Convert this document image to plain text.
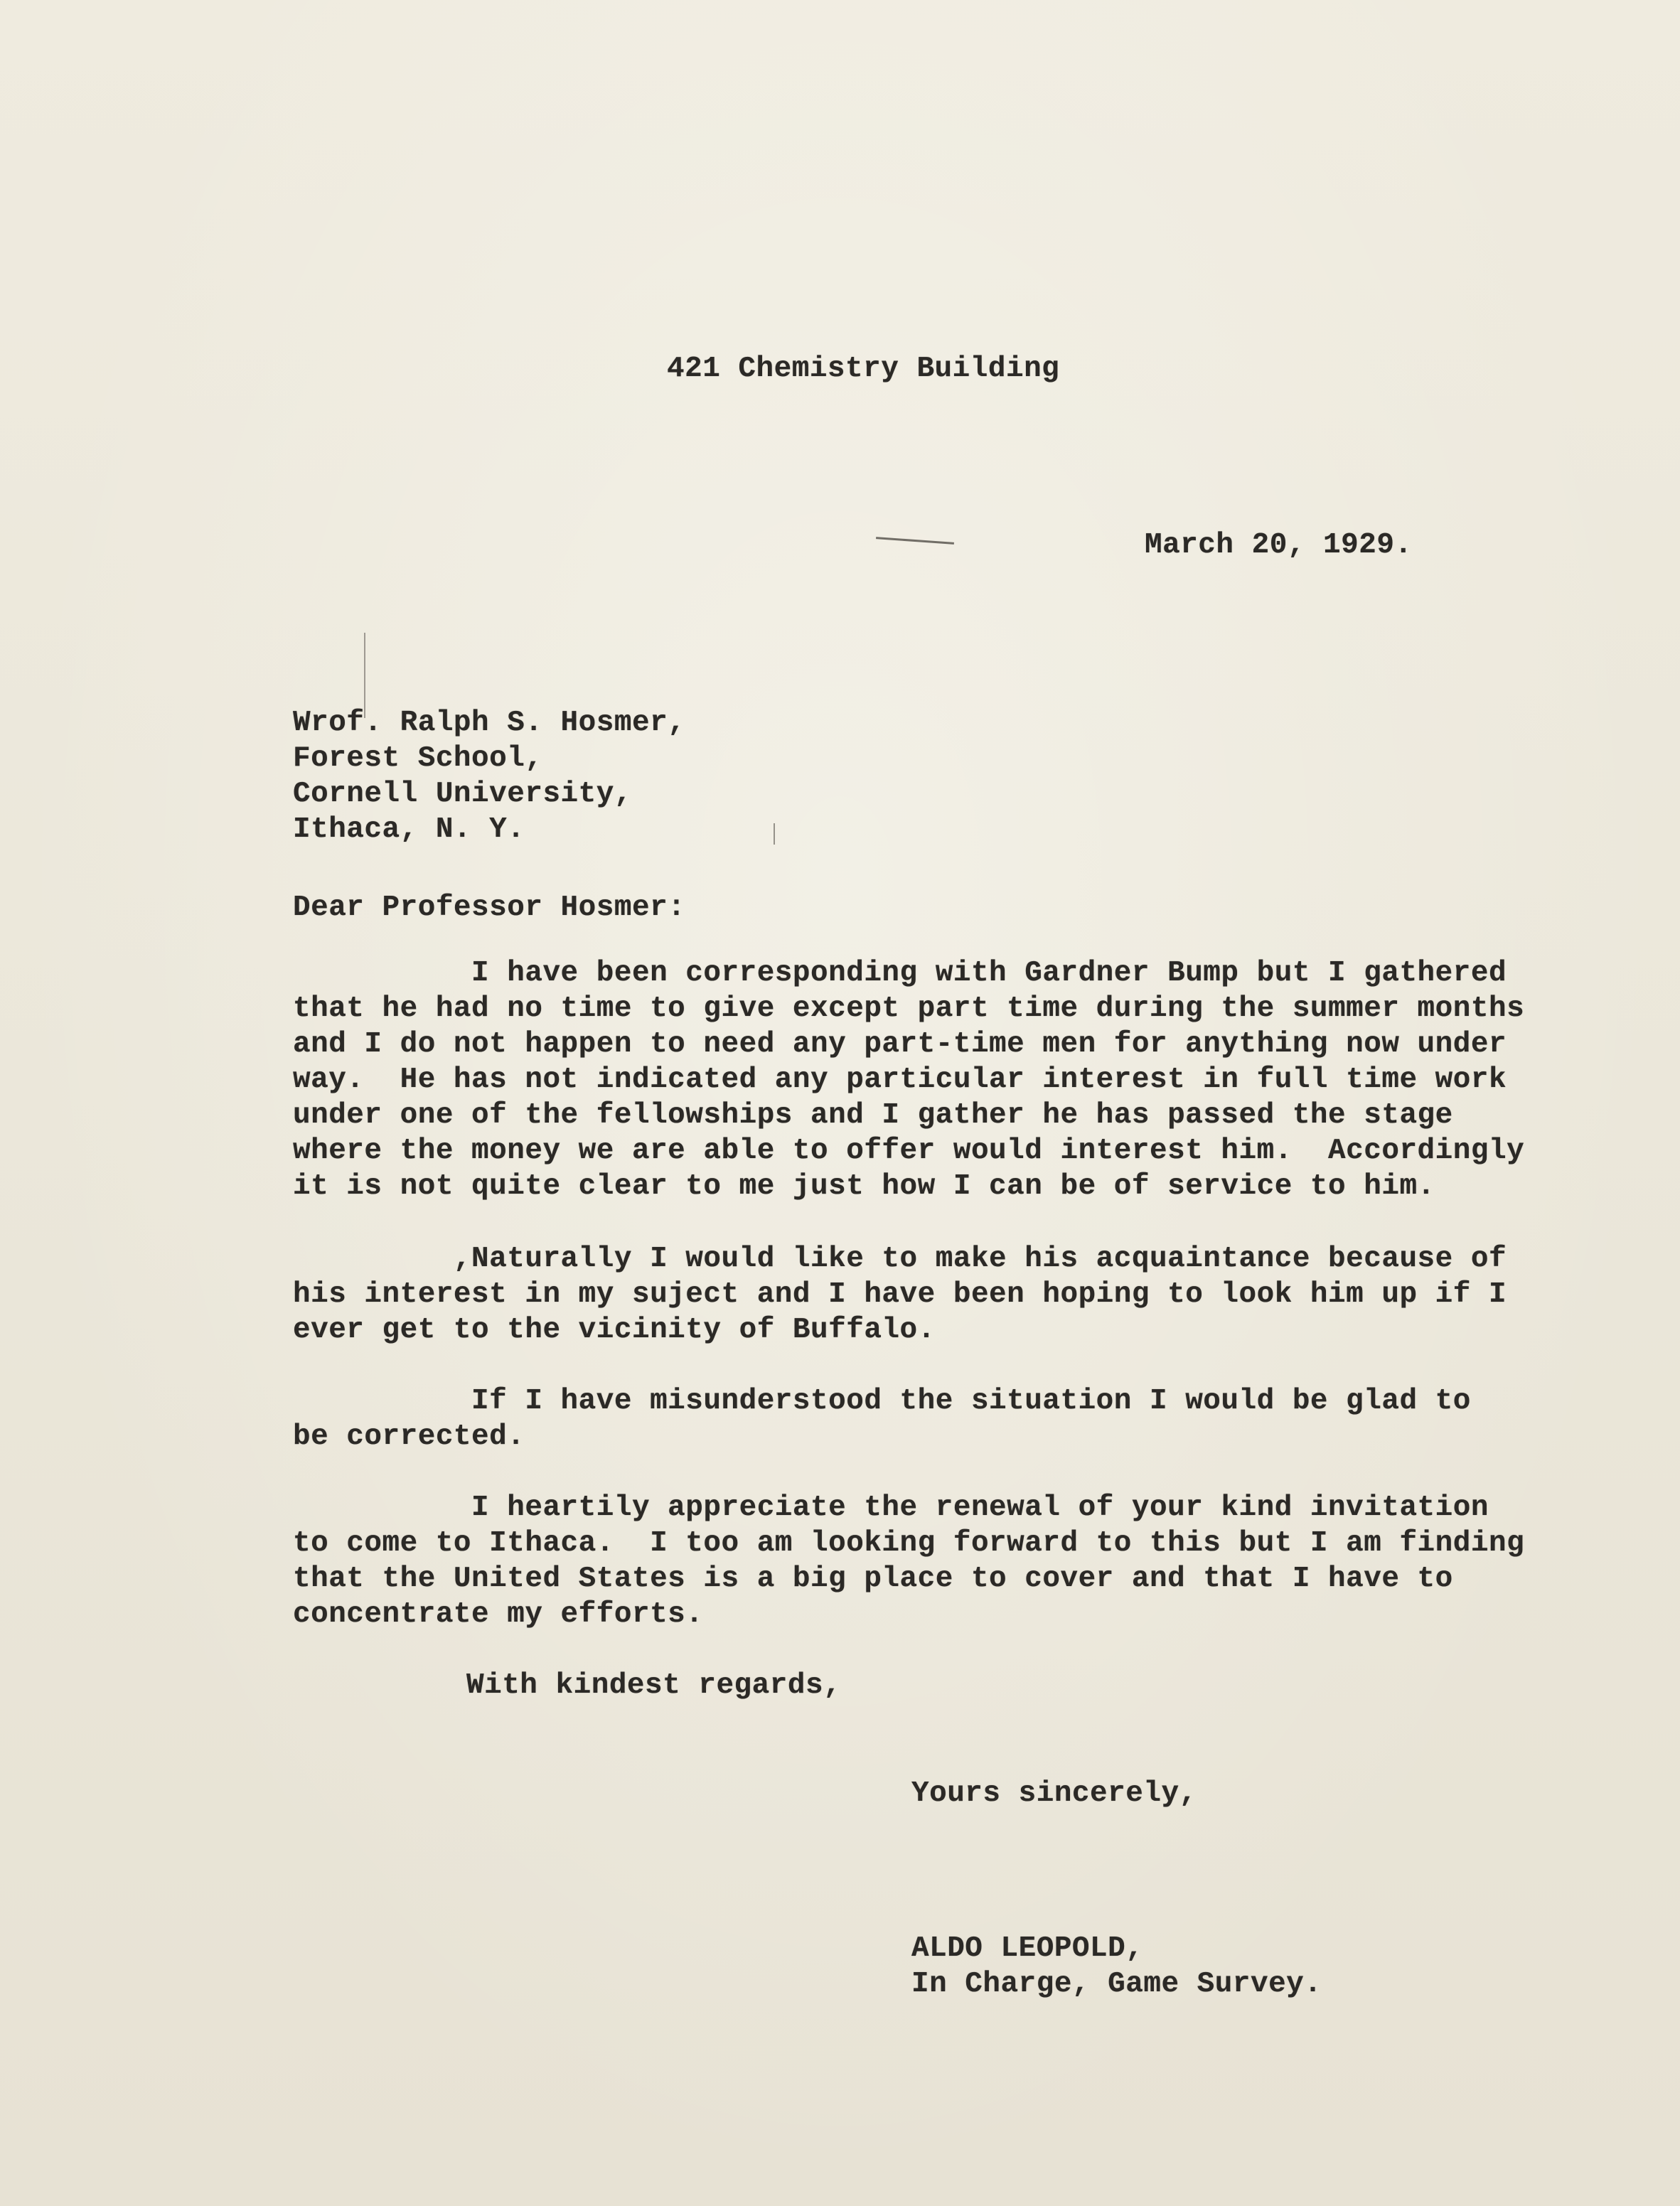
421 Chemistry Building
March 20, 1929.
Wrof. Ralph S. Hosmer,
Forest School,
Cornell University,
Ithaca, N. Y.
Dear Professor Hosmer:
I have been corresponding with Gardner Bump but I gathered
that he had no time to give except part time during the summer months
and I do not happen to need any part-time men for anything now under
way.  He has not indicated any particular interest in full time work
under one of the fellowships and I gather he has passed the stage
where the money we are able to offer would interest him.  Accordingly
it is not quite clear to me just how I can be of service to him.
,Naturally I would like to make his acquaintance because of
his interest in my suject and I have been hoping to look him up if I
ever get to the vicinity of Buffalo.
If I have misunderstood the situation I would be glad to
be corrected.
I heartily appreciate the renewal of your kind invitation
to come to Ithaca.  I too am looking forward to this but I am finding
that the United States is a big place to cover and that I have to
concentrate my efforts.
With kindest regards,
Yours sincerely,
ALDO LEOPOLD,
In Charge, Game Survey.
